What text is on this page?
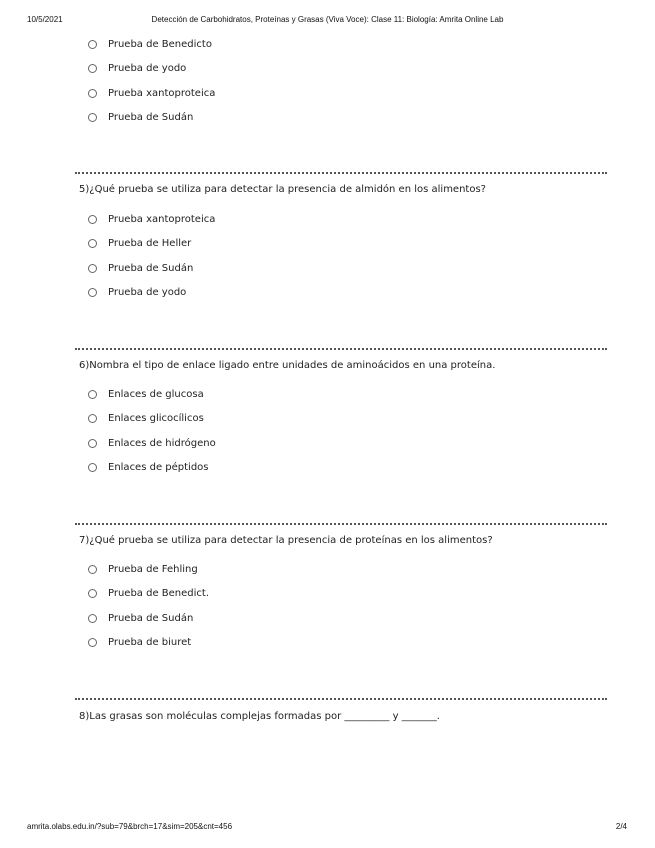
10/5/2021	Detección de Carbohidratos, Proteínas y Grasas (Viva Voce): Clase 11: Biología: Amrita Online Lab
Prueba de Benedicto
Prueba de yodo
Prueba xantoproteica
Prueba de Sudán
5)¿Qué prueba se utiliza para detectar la presencia de almidón en los alimentos?
Prueba xantoproteica
Prueba de Heller
Prueba de Sudán
Prueba de yodo
6)Nombra el tipo de enlace ligado entre unidades de aminoácidos en una proteína.
Enlaces de glucosa
Enlaces glicocílicos
Enlaces de hidrógeno
Enlaces de péptidos
7)¿Qué prueba se utiliza para detectar la presencia de proteínas en los alimentos?
Prueba de Fehling
Prueba de Benedict.
Prueba de Sudán
Prueba de biuret
8)Las grasas son moléculas complejas formadas por _________ y _______.
amrita.olabs.edu.in/?sub=79&brch=17&sim=205&cnt=456	2/4
